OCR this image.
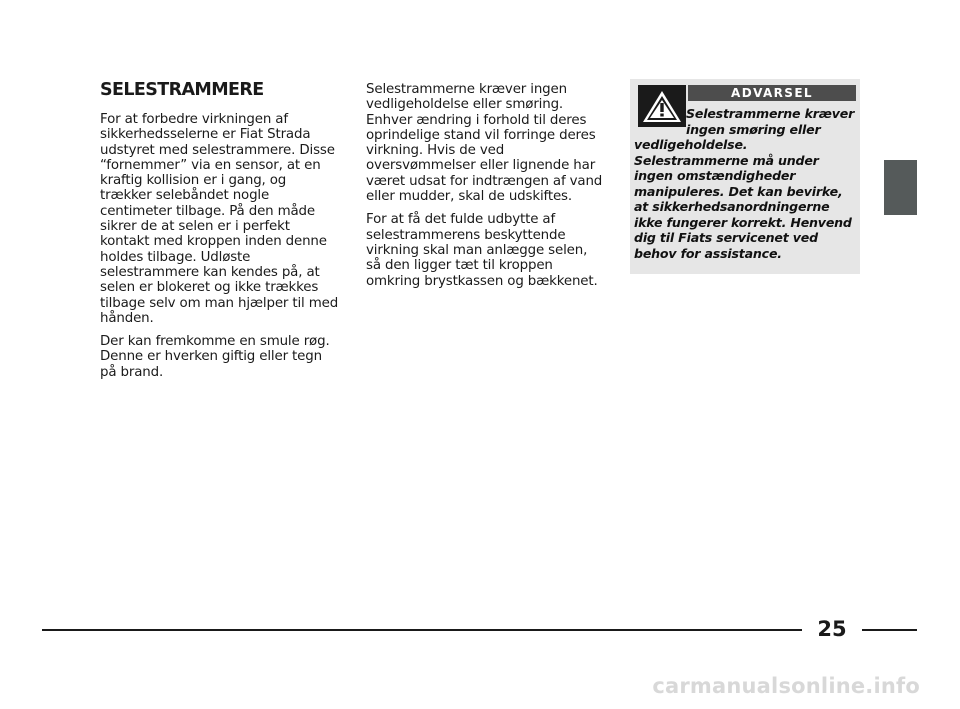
SELESTRAMMERE

For at forbedre virkningen af sikkerhedsselerne er Fiat Strada udstyret med selestrammere. Disse “fornemmer” via en sensor, at en kraftig kollision er i gang, og trækker selebåndet nogle centimeter tilbage. På den måde sikrer de at selen er i perfekt kontakt med kroppen inden denne holdes tilbage. Udløste selestrammere kan kendes på, at selen er blokeret og ikke trækkes tilbage selv om man hjælper til med hånden.

Der kan fremkomme en smule røg. Denne er hverken giftig eller tegn på brand.

Selestrammerne kræver ingen vedligeholdelse eller smøring. Enhver ændring i forhold til deres oprindelige stand vil forringe deres virkning. Hvis de ved oversvømmelser eller lignende har været udsat for indtrængen af vand eller mudder, skal de udskiftes.

For at få det fulde udbytte af selestrammerens beskyttende virkning skal man anlægge selen, så den ligger tæt til kroppen omkring brystkassen og bækkenet.

ADVARSEL
Selestrammerne kræver ingen smøring eller vedligeholdelse. Selestrammerne må under ingen omstændigheder manipuleres. Det kan bevirke, at sikkerhedsanordningerne ikke fungerer korrekt. Henvend dig til Fiats servicenet ved behov for assistance.
25
carmanualsonline.info
